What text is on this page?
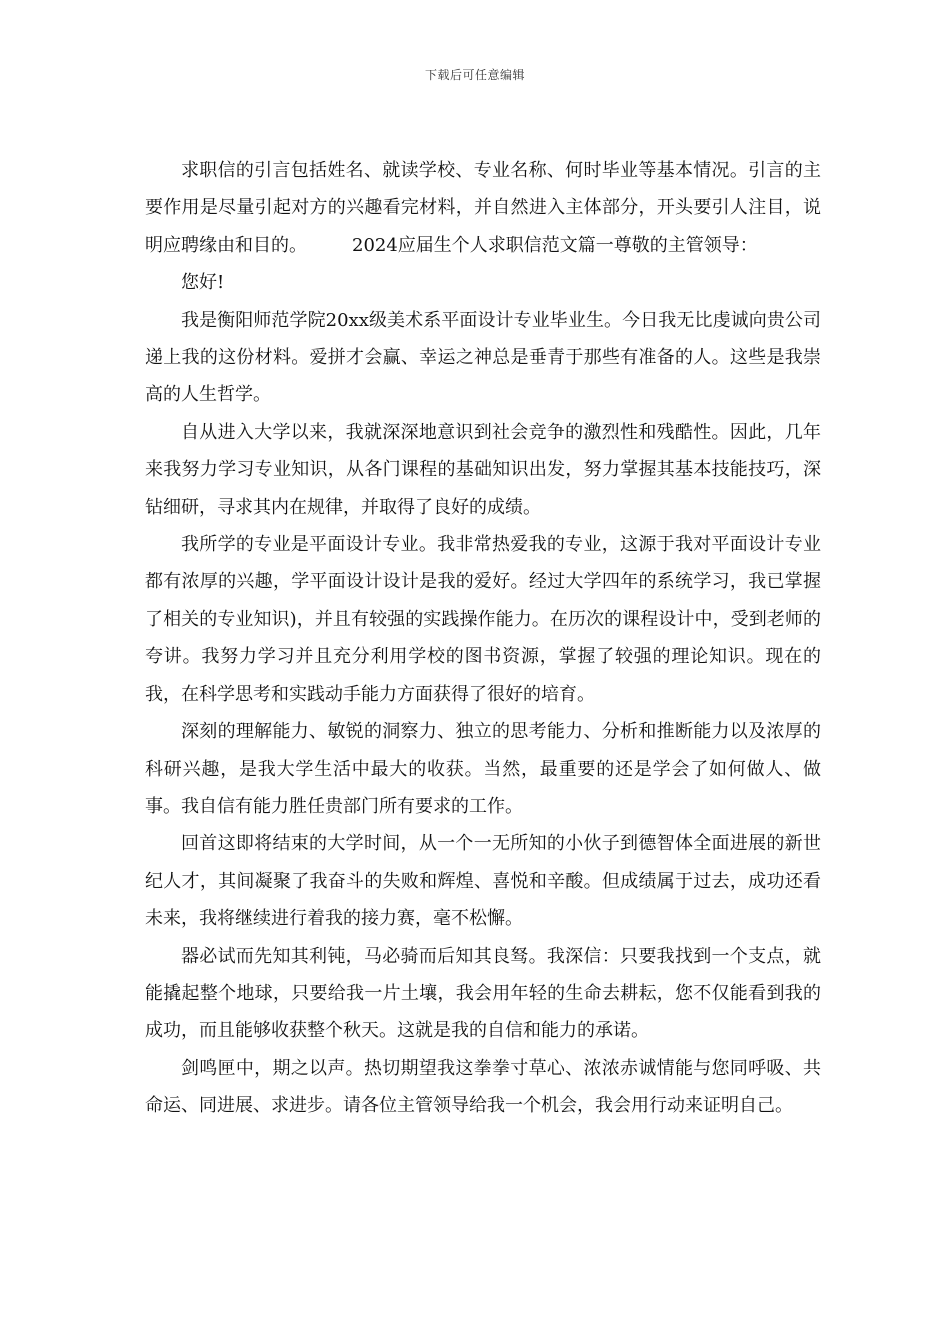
下载后可任意编辑

求职信的引言包括姓名、就读学校、专业名称、何时毕业等基本情况。引言的主要作用是尽量引起对方的兴趣看完材料，并自然进入主体部分，开头要引人注目，说明应聘缘由和目的。　　　2024应届生个人求职信范文篇一尊敬的主管领导：

您好!

我是衡阳师范学院20xx级美术系平面设计专业毕业生。今日我无比虔诚向贵公司递上我的这份材料。爱拼才会赢、幸运之神总是垂青于那些有准备的人。这些是我崇高的人生哲学。

自从进入大学以来，我就深深地意识到社会竞争的激烈性和残酷性。因此，几年来我努力学习专业知识，从各门课程的基础知识出发，努力掌握其基本技能技巧，深钻细研，寻求其内在规律，并取得了良好的成绩。

我所学的专业是平面设计专业。我非常热爱我的专业，这源于我对平面设计专业都有浓厚的兴趣，学平面设计设计是我的爱好。经过大学四年的系统学习，我已掌握了相关的专业知识)，并且有较强的实践操作能力。在历次的课程设计中，受到老师的夸讲。我努力学习并且充分利用学校的图书资源，掌握了较强的理论知识。现在的我，在科学思考和实践动手能力方面获得了很好的培育。

深刻的理解能力、敏锐的洞察力、独立的思考能力、分析和推断能力以及浓厚的科研兴趣，是我大学生活中最大的收获。当然，最重要的还是学会了如何做人、做事。我自信有能力胜任贵部门所有要求的工作。

回首这即将结束的大学时间，从一个一无所知的小伙子到德智体全面进展的新世纪人才，其间凝聚了我奋斗的失败和辉煌、喜悦和辛酸。但成绩属于过去，成功还看未来，我将继续进行着我的接力赛，毫不松懈。

器必试而先知其利钝，马必骑而后知其良驽。我深信：只要我找到一个支点，就能撬起整个地球，只要给我一片土壤，我会用年轻的生命去耕耘，您不仅能看到我的成功，而且能够收获整个秋天。这就是我的自信和能力的承诺。

剑鸣匣中，期之以声。热切期望我这拳拳寸草心、浓浓赤诚情能与您同呼吸、共命运、同进展、求进步。请各位主管领导给我一个机会，我会用行动来证明自己。
